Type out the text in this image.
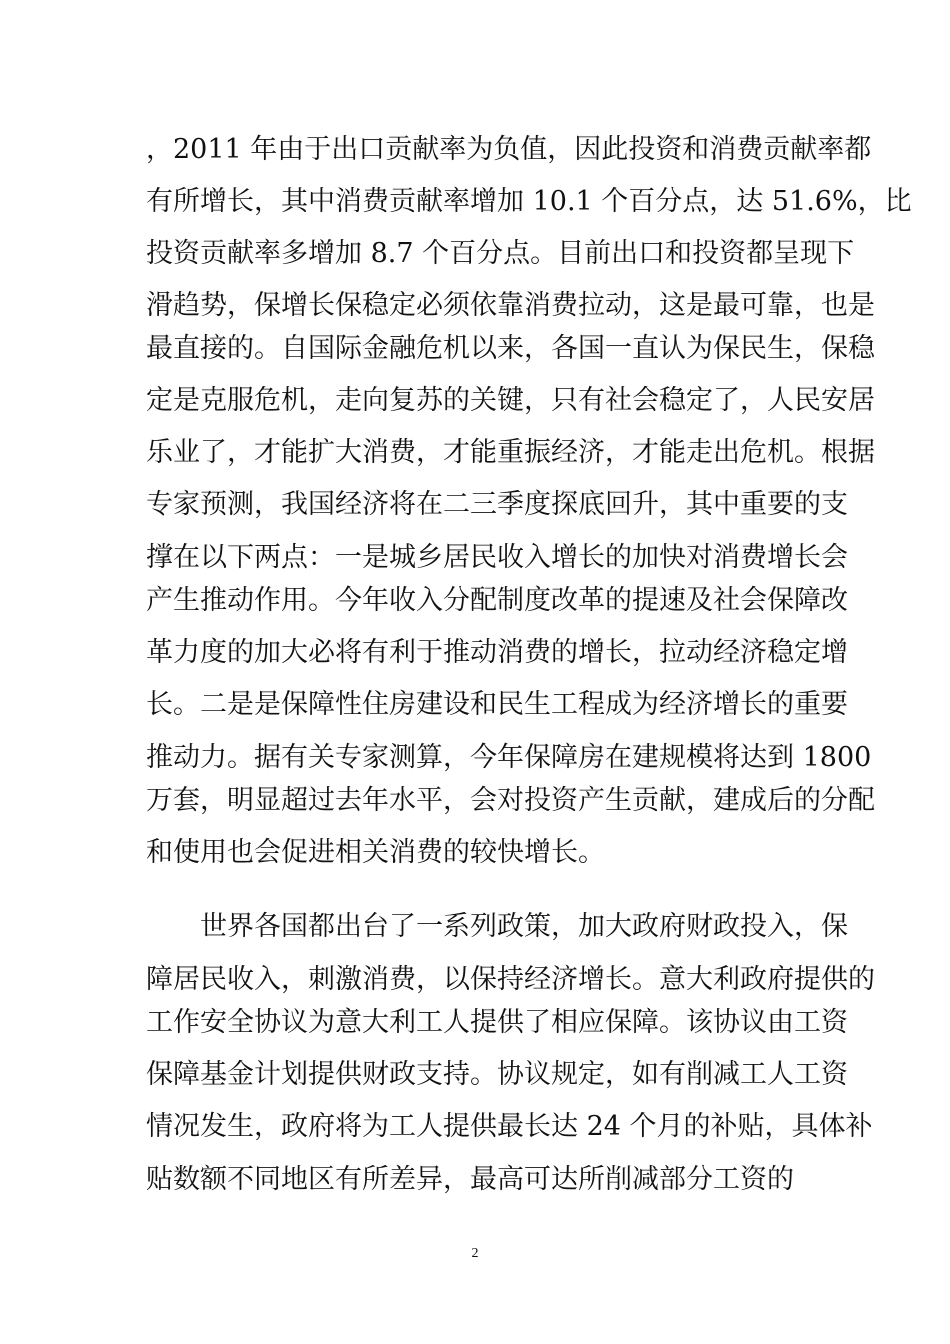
，2011 年由于出口贡献率为负值，因此投资和消费贡献率都
有所增长，其中消费贡献率增加 10.1 个百分点，达 51.6%，比
投资贡献率多增加 8.7 个百分点。目前出口和投资都呈现下
滑趋势，保增长保稳定必须依靠消费拉动，这是最可靠，也是
最直接的。自国际金融危机以来，各国一直认为保民生，保稳
定是克服危机，走向复苏的关键，只有社会稳定了，人民安居
乐业了，才能扩大消费，才能重振经济，才能走出危机。根据
专家预测，我国经济将在二三季度探底回升，其中重要的支
撑在以下两点：一是城乡居民收入增长的加快对消费增长会
产生推动作用。今年收入分配制度改革的提速及社会保障改
革力度的加大必将有利于推动消费的增长，拉动经济稳定增
长。二是是保障性住房建设和民生工程成为经济增长的重要
推动力。据有关专家测算，今年保障房在建规模将达到 1800
万套，明显超过去年水平，会对投资产生贡献，建成后的分配
和使用也会促进相关消费的较快增长。
世界各国都出台了一系列政策，加大政府财政投入，保
障居民收入，刺激消费，以保持经济增长。意大利政府提供的
工作安全协议为意大利工人提供了相应保障。该协议由工资
保障基金计划提供财政支持。协议规定，如有削减工人工资
情况发生，政府将为工人提供最长达 24 个月的补贴，具体补
贴数额不同地区有所差异，最高可达所削减部分工资的
2
